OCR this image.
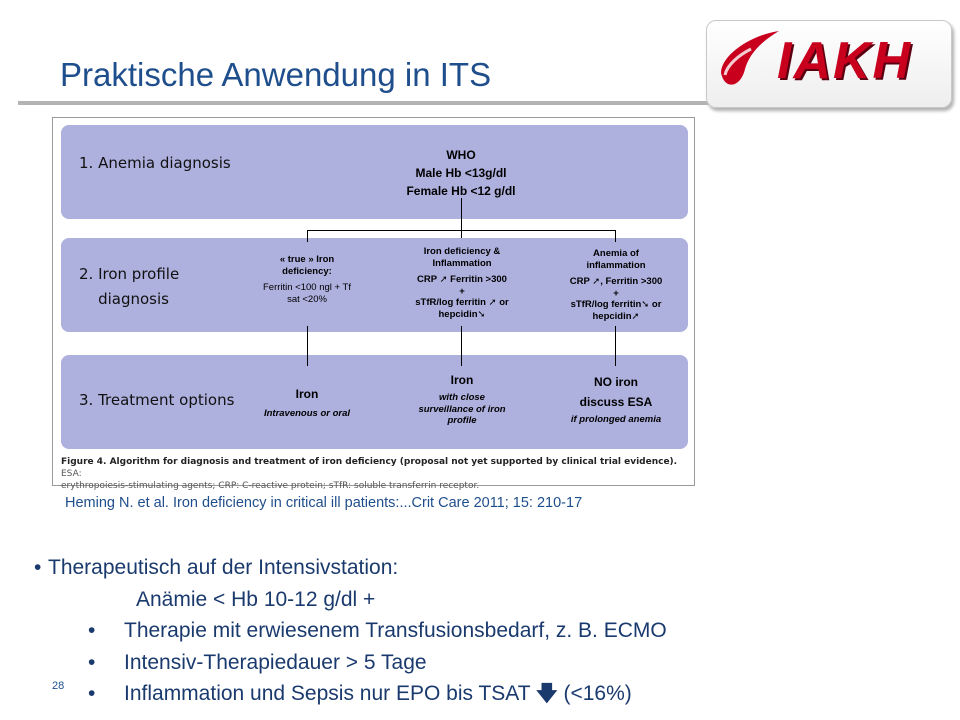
Praktische Anwendung in ITS	IAKH
1. Anemia diagnosis
2. Iron profile
diagnosis
3. Treatment options
WHO
Male Hb <13g/dl
Female Hb <12 g/dl
« true » Iron
deficiency:
Ferritin <100 ngl + Tf
sat <20%
Iron deficiency &
Inflammation
CRP ➚ Ferritin >300
+
sTfR/log ferritin ➚ or
hepcidin➘
Anemia of
inflammation
CRP ➚, Ferritin >300
+
sTfR/log ferritin➘ or
hepcidin➚
Iron
Intravenous or oral
Iron
with close
surveillance of iron
profile
NO iron
discuss ESA
if prolonged anemia
Figure 4. Algorithm for diagnosis and treatment of iron deficiency (proposal not yet supported by clinical trial evidence). ESA:
erythropoiesis-stimulating agents; CRP: C-reactive protein; sTfR: soluble transferrin receptor.
Heming N. et al. Iron deficiency in critical ill patients:...Crit Care 2011; 15: 210-17
• Therapeutisch auf der Intensivstation:
Anämie < Hb 10-12 g/dl +
• Therapie mit erwiesenem Transfusionsbedarf, z. B. ECMO
• Intensiv-Therapiedauer > 5 Tage
• Inflammation und Sepsis nur EPO bis TSAT 🡇 (<16%)
28
